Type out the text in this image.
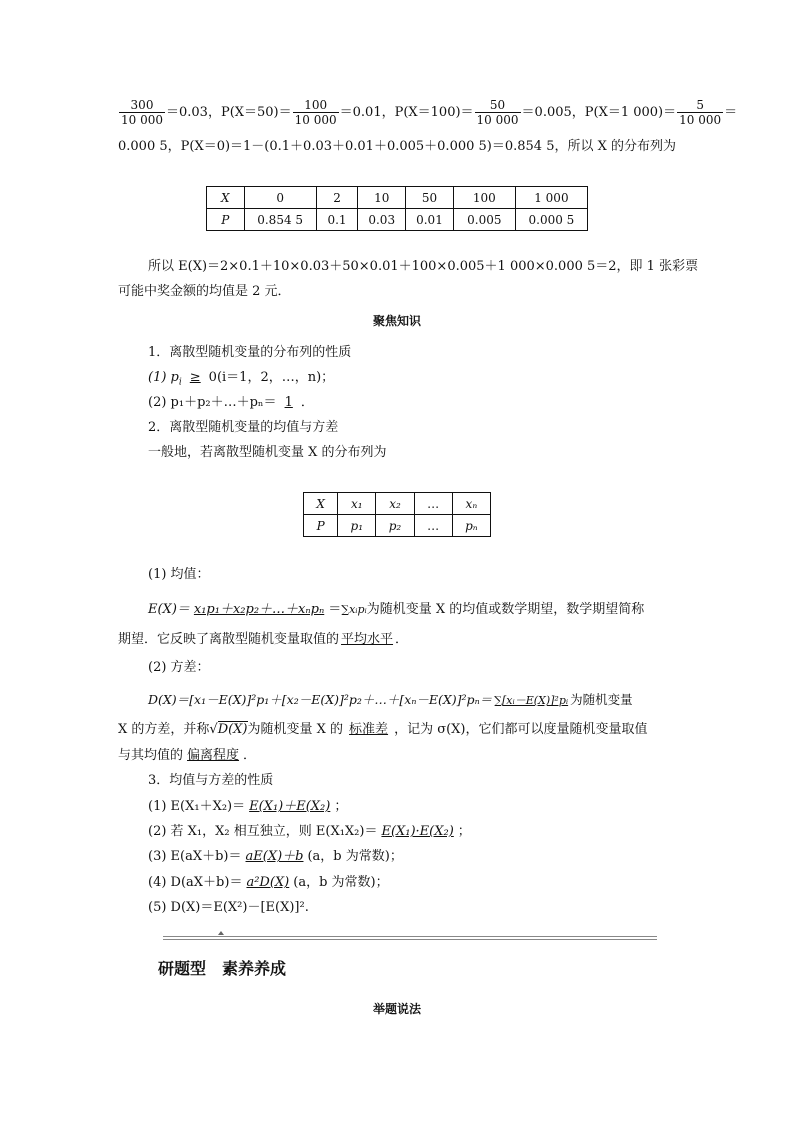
$\frac{300}{10 000} =0.03$，$P(X=50)= \frac{100}{10 000} =0.01$，$P(X=100)= \frac{50}{10 000} =0.005$，P(X＝1 $000)= \frac{5}{10 000}$ ＝
0.000 5，P(X＝0)＝1－(0.1＋0.03＋0.01＋0.005＋0.000 5)＝0.854 5，所以 X 的分布列为
X	0	2	10	50	100	1 000
P	0.854 5	0.1	0.03	0.01	0.005	0.000 5
所以 E(X)＝2×0.1＋10×0.03＋50×0.01＋100×0.005＋1 000×0.000 5＝2，即 1 张彩票
可能中奖金额的均值是 2 元．
聚焦知识
1．离散型随机变量的分布列的性质
(1) $p_i \ge 0(i=1$，2，…，n)；
(2) p₁＋p₂＋…＋pₙ＝ 1 ．
2．离散型随机变量的均值与方差
一般地，若离散型随机变量 X 的分布列为
X	x₁	x₂	…	xₙ
P	p₁	p₂	…	pₙ
(1) 均值：
E(X)＝ x₁p₁＋x₂p₂＋…＋xₙpₙ ＝∑xᵢpᵢ为随机变量 X 的均值或数学期望，数学期望简称
期望．它反映了离散型随机变量取值的 平均水平 ．
(2) 方差：
D(X)＝[x₁－E(X)]²p₁＋[x₂－E(X)]²p₂＋…＋[xₙ－E(X)]²pₙ＝ ∑[xᵢ－E(X)]²pᵢ 为随机变量
X 的方差，并称√D(X)为随机变量 X 的 标准差 ，记为 σ(X)，它们都可以度量随机变量取值
与其均值的 偏离程度 ．
3．均值与方差的性质
(1) E(X₁＋X₂)＝ E(X₁)＋E(X₂) ；
(2) 若 X₁，X₂ 相互独立，则 E(X₁X₂)＝ E(X₁)·E(X₂) ；
(3) E(aX＋b)＝ aE(X)＋b (a，b 为常数)；
(4) D(aX＋b)＝ a²D(X) (a，b 为常数)；
(5) D(X)＝E(X²)－[E(X)]².
研题型 素养养成
举题说法
